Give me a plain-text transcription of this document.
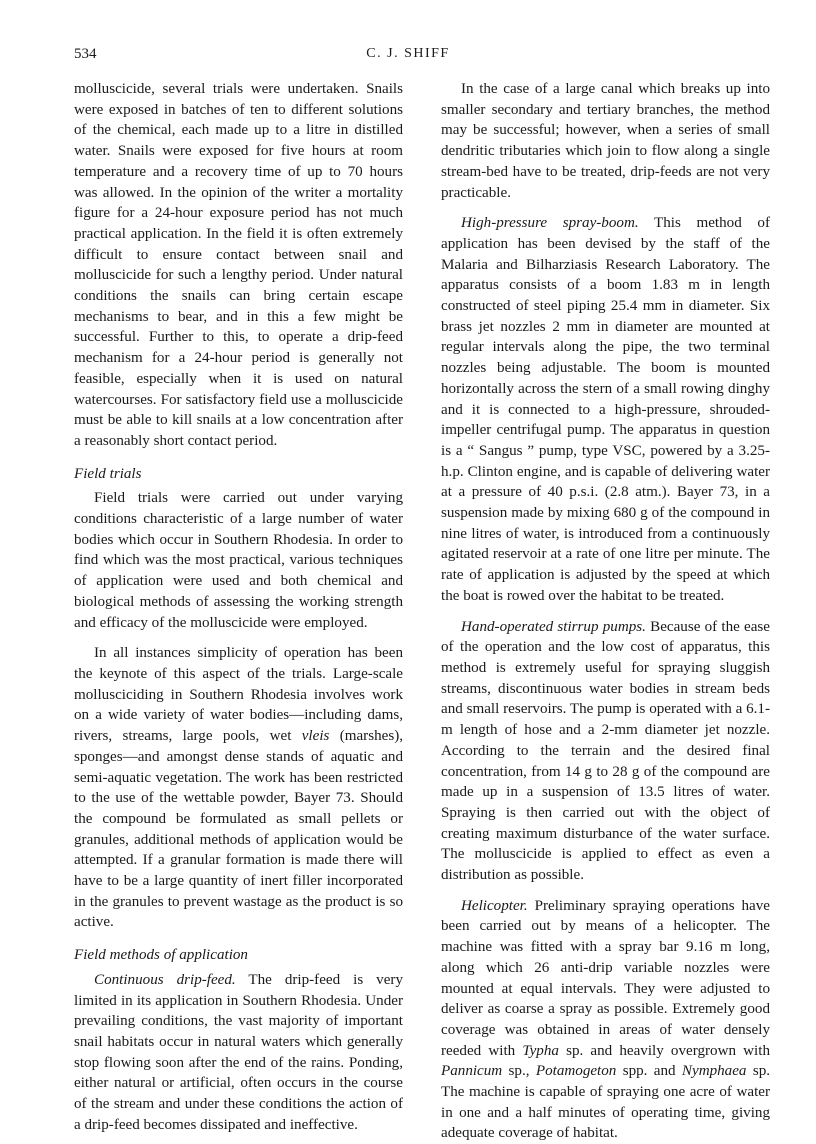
534	C. J. SHIFF

molluscicide, several trials were undertaken. Snails were exposed in batches of ten to different solutions of the chemical, each made up to a litre in distilled water. Snails were exposed for five hours at room temperature and a recovery time of up to 70 hours was allowed. In the opinion of the writer a mortality figure for a 24-hour exposure period has not much practical application. In the field it is often extremely difficult to ensure contact between snail and molluscicide for such a lengthy period. Under natural conditions the snails can bring certain escape mechanisms to bear, and in this a few might be successful. Further to this, to operate a drip-feed mechanism for a 24-hour period is generally not feasible, especially when it is used on natural watercourses. For satisfactory field use a molluscicide must be able to kill snails at a low concentration after a reasonably short contact period.

Field trials

Field trials were carried out under varying conditions characteristic of a large number of water bodies which occur in Southern Rhodesia. In order to find which was the most practical, various techniques of application were used and both chemical and biological methods of assessing the working strength and efficacy of the molluscicide were employed.

In all instances simplicity of operation has been the keynote of this aspect of the trials. Large-scale mollusciciding in Southern Rhodesia involves work on a wide variety of water bodies—including dams, rivers, streams, large pools, wet vleis (marshes), sponges—and amongst dense stands of aquatic and semi-aquatic vegetation. The work has been restricted to the use of the wettable powder, Bayer 73. Should the compound be formulated as small pellets or granules, additional methods of application would be attempted. If a granular formation is made there will have to be a large quantity of inert filler incorporated in the granules to prevent wastage as the product is so active.

Field methods of application

Continuous drip-feed. The drip-feed is very limited in its application in Southern Rhodesia. Under prevailing conditions, the vast majority of important snail habitats occur in natural waters which generally stop flowing soon after the end of the rains. Ponding, either natural or artificial, often occurs in the course of the stream and under these conditions the action of a drip-feed becomes dissipated and ineffective.

In the case of a large canal which breaks up into smaller secondary and tertiary branches, the method may be successful; however, when a series of small dendritic tributaries which join to flow along a single stream-bed have to be treated, drip-feeds are not very practicable.

High-pressure spray-boom. This method of application has been devised by the staff of the Malaria and Bilharziasis Research Laboratory. The apparatus consists of a boom 1.83 m in length constructed of steel piping 25.4 mm in diameter. Six brass jet nozzles 2 mm in diameter are mounted at regular intervals along the pipe, the two terminal nozzles being adjustable. The boom is mounted horizontally across the stern of a small rowing dinghy and it is connected to a high-pressure, shrouded-impeller centrifugal pump. The apparatus in question is a “ Sangus ” pump, type VSC, powered by a 3.25-h.p. Clinton engine, and is capable of delivering water at a pressure of 40 p.s.i. (2.8 atm.). Bayer 73, in a suspension made by mixing 680 g of the compound in nine litres of water, is introduced from a continuously agitated reservoir at a rate of one litre per minute. The rate of application is adjusted by the speed at which the boat is rowed over the habitat to be treated.

Hand-operated stirrup pumps. Because of the ease of the operation and the low cost of apparatus, this method is extremely useful for spraying sluggish streams, discontinuous water bodies in stream beds and small reservoirs. The pump is operated with a 6.1-m length of hose and a 2-mm diameter jet nozzle. According to the terrain and the desired final concentration, from 14 g to 28 g of the compound are made up in a suspension of 13.5 litres of water. Spraying is then carried out with the object of creating maximum disturbance of the water surface. The molluscicide is applied to effect as even a distribution as possible.

Helicopter. Preliminary spraying operations have been carried out by means of a helicopter. The machine was fitted with a spray bar 9.16 m long, along which 26 anti-drip variable nozzles were mounted at equal intervals. They were adjusted to deliver as coarse a spray as possible. Extremely good coverage was obtained in areas of water densely reeded with Typha sp. and heavily overgrown with Pannicum sp., Potamogeton spp. and Nymphaea sp. The machine is capable of spraying one acre of water in one and a half minutes of operating time, giving adequate coverage of habitat.
